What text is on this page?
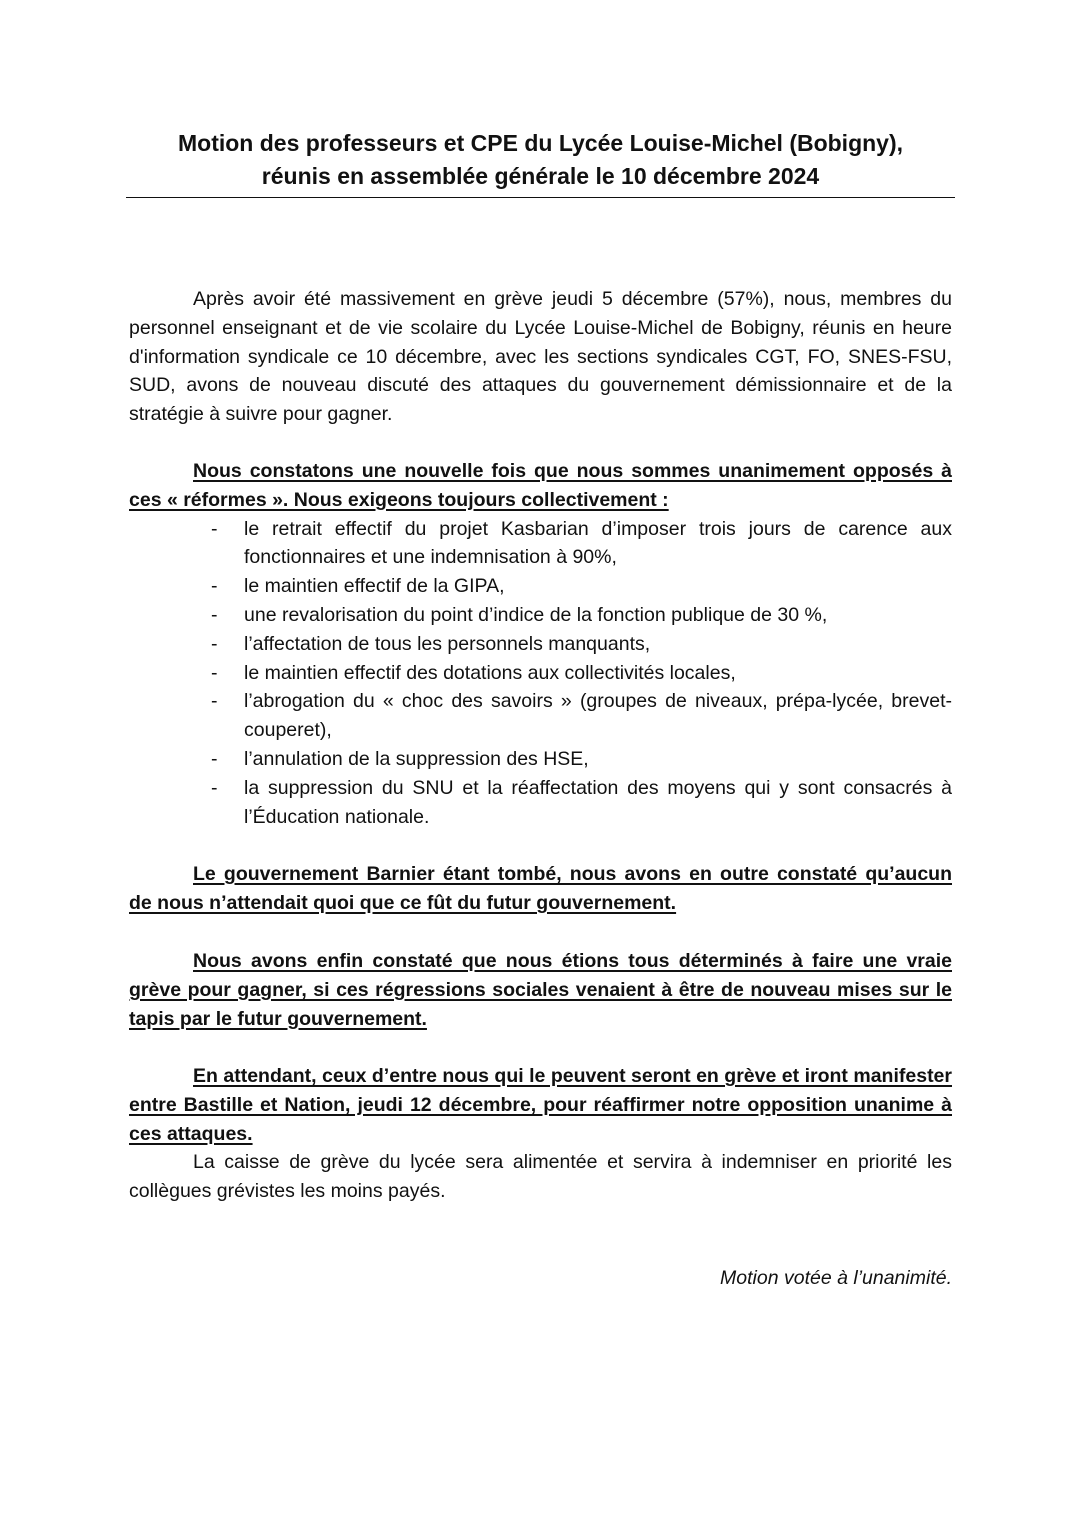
Motion des professeurs et CPE du Lycée Louise-Michel (Bobigny),
réunis en assemblée générale le 10 décembre 2024

Après avoir été massivement en grève jeudi 5 décembre (57%), nous, membres du personnel enseignant et de vie scolaire du Lycée Louise-Michel de Bobigny, réunis en heure d'information syndicale ce 10 décembre, avec les sections syndicales CGT, FO, SNES-FSU, SUD, avons de nouveau discuté des attaques du gouvernement démissionnaire et de la stratégie à suivre pour gagner.

Nous constatons une nouvelle fois que nous sommes unanimement opposés à ces « réformes ». Nous exigeons toujours collectivement :

- le retrait effectif du projet Kasbarian d’imposer trois jours de carence aux fonctionnaires et une indemnisation à 90%,
- le maintien effectif de la GIPA,
- une revalorisation du point d’indice de la fonction publique de 30 %,
- l’affectation de tous les personnels manquants,
- le maintien effectif des dotations aux collectivités locales,
- l’abrogation du « choc des savoirs » (groupes de niveaux, prépa-lycée, brevet-couperet),
- l’annulation de la suppression des HSE,
- la suppression du SNU et la réaffectation des moyens qui y sont consacrés à l’Éducation nationale.

Le gouvernement Barnier étant tombé, nous avons en outre constaté qu’aucun de nous n’attendait quoi que ce fût du futur gouvernement.

Nous avons enfin constaté que nous étions tous déterminés à faire une vraie grève pour gagner, si ces régressions sociales venaient à être de nouveau mises sur le tapis par le futur gouvernement.

En attendant, ceux d’entre nous qui le peuvent seront en grève et iront manifester entre Bastille et Nation, jeudi 12 décembre, pour réaffirmer notre opposition unanime à ces attaques.

La caisse de grève du lycée sera alimentée et servira à indemniser en priorité les collègues grévistes les moins payés.

Motion votée à l’unanimité.
